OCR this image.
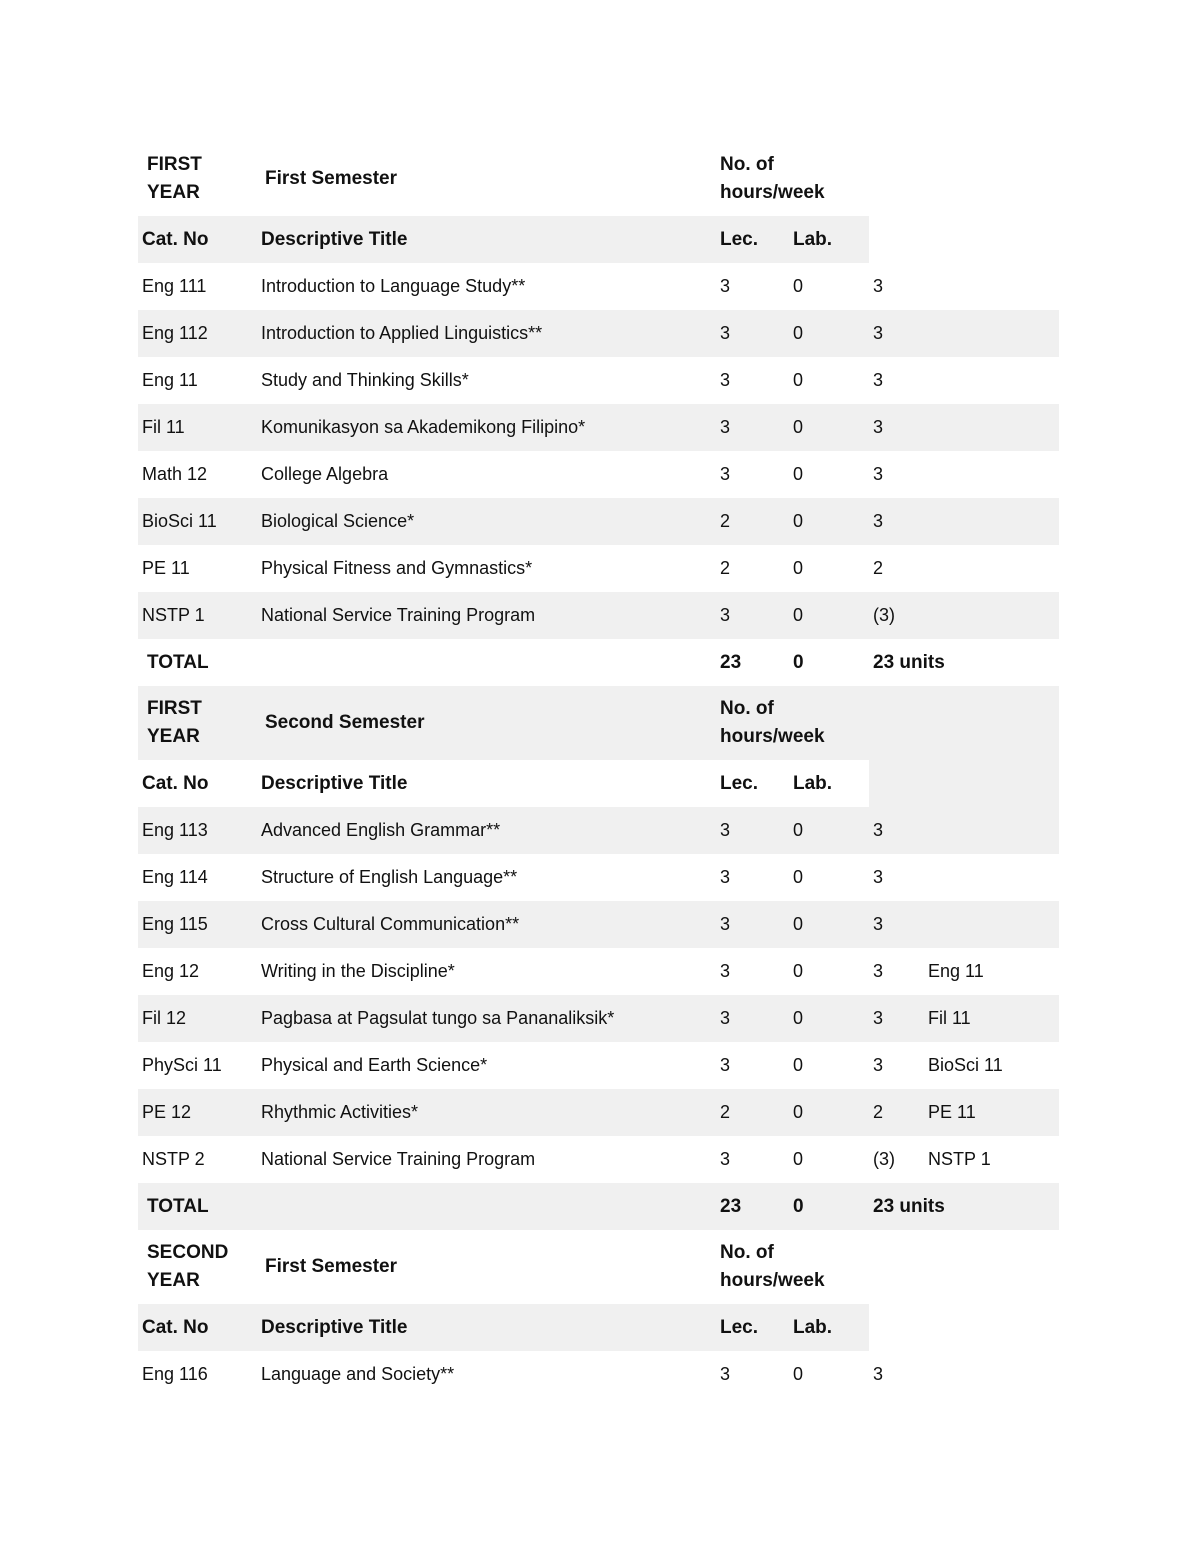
FIRST YEAR	First Semester	No. of hours/week	
Cat. No	Descriptive Title	Lec.	Lab.		
Eng 111	Introduction to Language Study**	3	0	3	
Eng 112	Introduction to Applied Linguistics**	3	0	3	
Eng 11	Study and Thinking Skills*	3	0	3	
Fil 11	Komunikasyon sa Akademikong Filipino*	3	0	3	
Math 12	College Algebra	3	0	3	
BioSci 11	Biological Science*	2	0	3	
PE 11	Physical Fitness and Gymnastics*	2	0	2	
NSTP 1	National Service Training Program	3	0	(3)	
TOTAL		23	0	23 units	
FIRST YEAR	Second Semester	No. of hours/week	
Cat. No	Descriptive Title	Lec.	Lab.		
Eng 113	Advanced English Grammar**	3	0	3	
Eng 114	Structure of English Language**	3	0	3	
Eng 115	Cross Cultural Communication**	3	0	3	
Eng 12	Writing in the Discipline*	3	0	3	Eng 11
Fil 12	Pagbasa at Pagsulat tungo sa Pananaliksik*	3	0	3	Fil 11
PhySci 11	Physical and Earth Science*	3	0	3	BioSci 11
PE 12	Rhythmic Activities*	2	0	2	PE 11
NSTP 2	National Service Training Program	3	0	(3)	NSTP 1
TOTAL		23	0	23 units	
SECOND YEAR	First Semester	No. of hours/week	
Cat. No	Descriptive Title	Lec.	Lab.		
Eng 116	Language and Society**	3	0	3	
